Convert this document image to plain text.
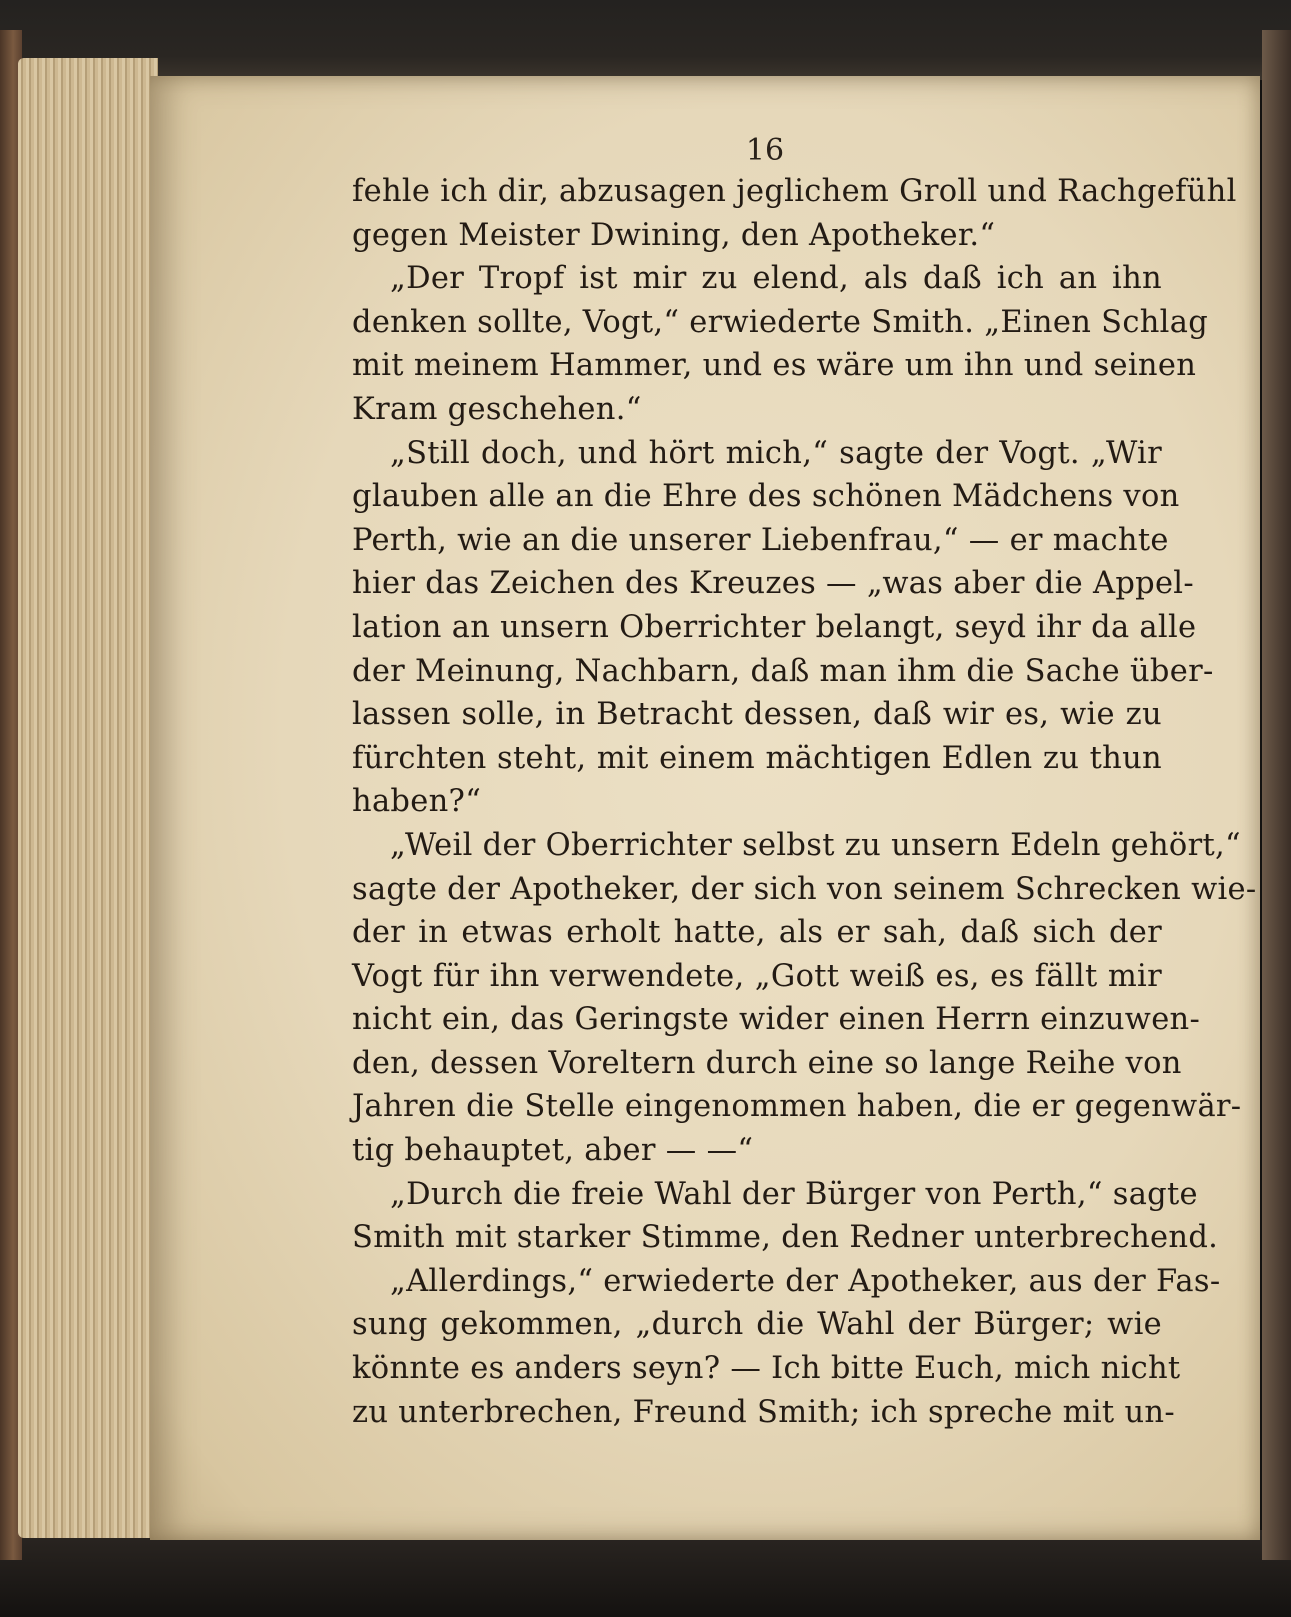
16
fehle ich dir, abzusagen jeglichem Groll und Rachgefühl
gegen Meister Dwining, den Apotheker.“
„Der Tropf ist mir zu elend, als daß ich an ihn
denken sollte, Vogt,“ erwiederte Smith. „Einen Schlag
mit meinem Hammer, und es wäre um ihn und seinen
Kram geschehen.“
„Still doch, und hört mich,“ sagte der Vogt. „Wir
glauben alle an die Ehre des schönen Mädchens von
Perth, wie an die unserer Liebenfrau,“ — er machte
hier das Zeichen des Kreuzes — „was aber die Appel-
lation an unsern Oberrichter belangt, seyd ihr da alle
der Meinung, Nachbarn, daß man ihm die Sache über-
lassen solle, in Betracht dessen, daß wir es, wie zu
fürchten steht, mit einem mächtigen Edlen zu thun
haben?“
„Weil der Oberrichter selbst zu unsern Edeln gehört,“
sagte der Apotheker, der sich von seinem Schrecken wie-
der in etwas erholt hatte, als er sah, daß sich der
Vogt für ihn verwendete, „Gott weiß es, es fällt mir
nicht ein, das Geringste wider einen Herrn einzuwen-
den, dessen Voreltern durch eine so lange Reihe von
Jahren die Stelle eingenommen haben, die er gegenwär-
tig behauptet, aber — —“
„Durch die freie Wahl der Bürger von Perth,“ sagte
Smith mit starker Stimme, den Redner unterbrechend.
„Allerdings,“ erwiederte der Apotheker, aus der Fas-
sung gekommen, „durch die Wahl der Bürger; wie
könnte es anders seyn? — Ich bitte Euch, mich nicht
zu unterbrechen, Freund Smith; ich spreche mit un-
